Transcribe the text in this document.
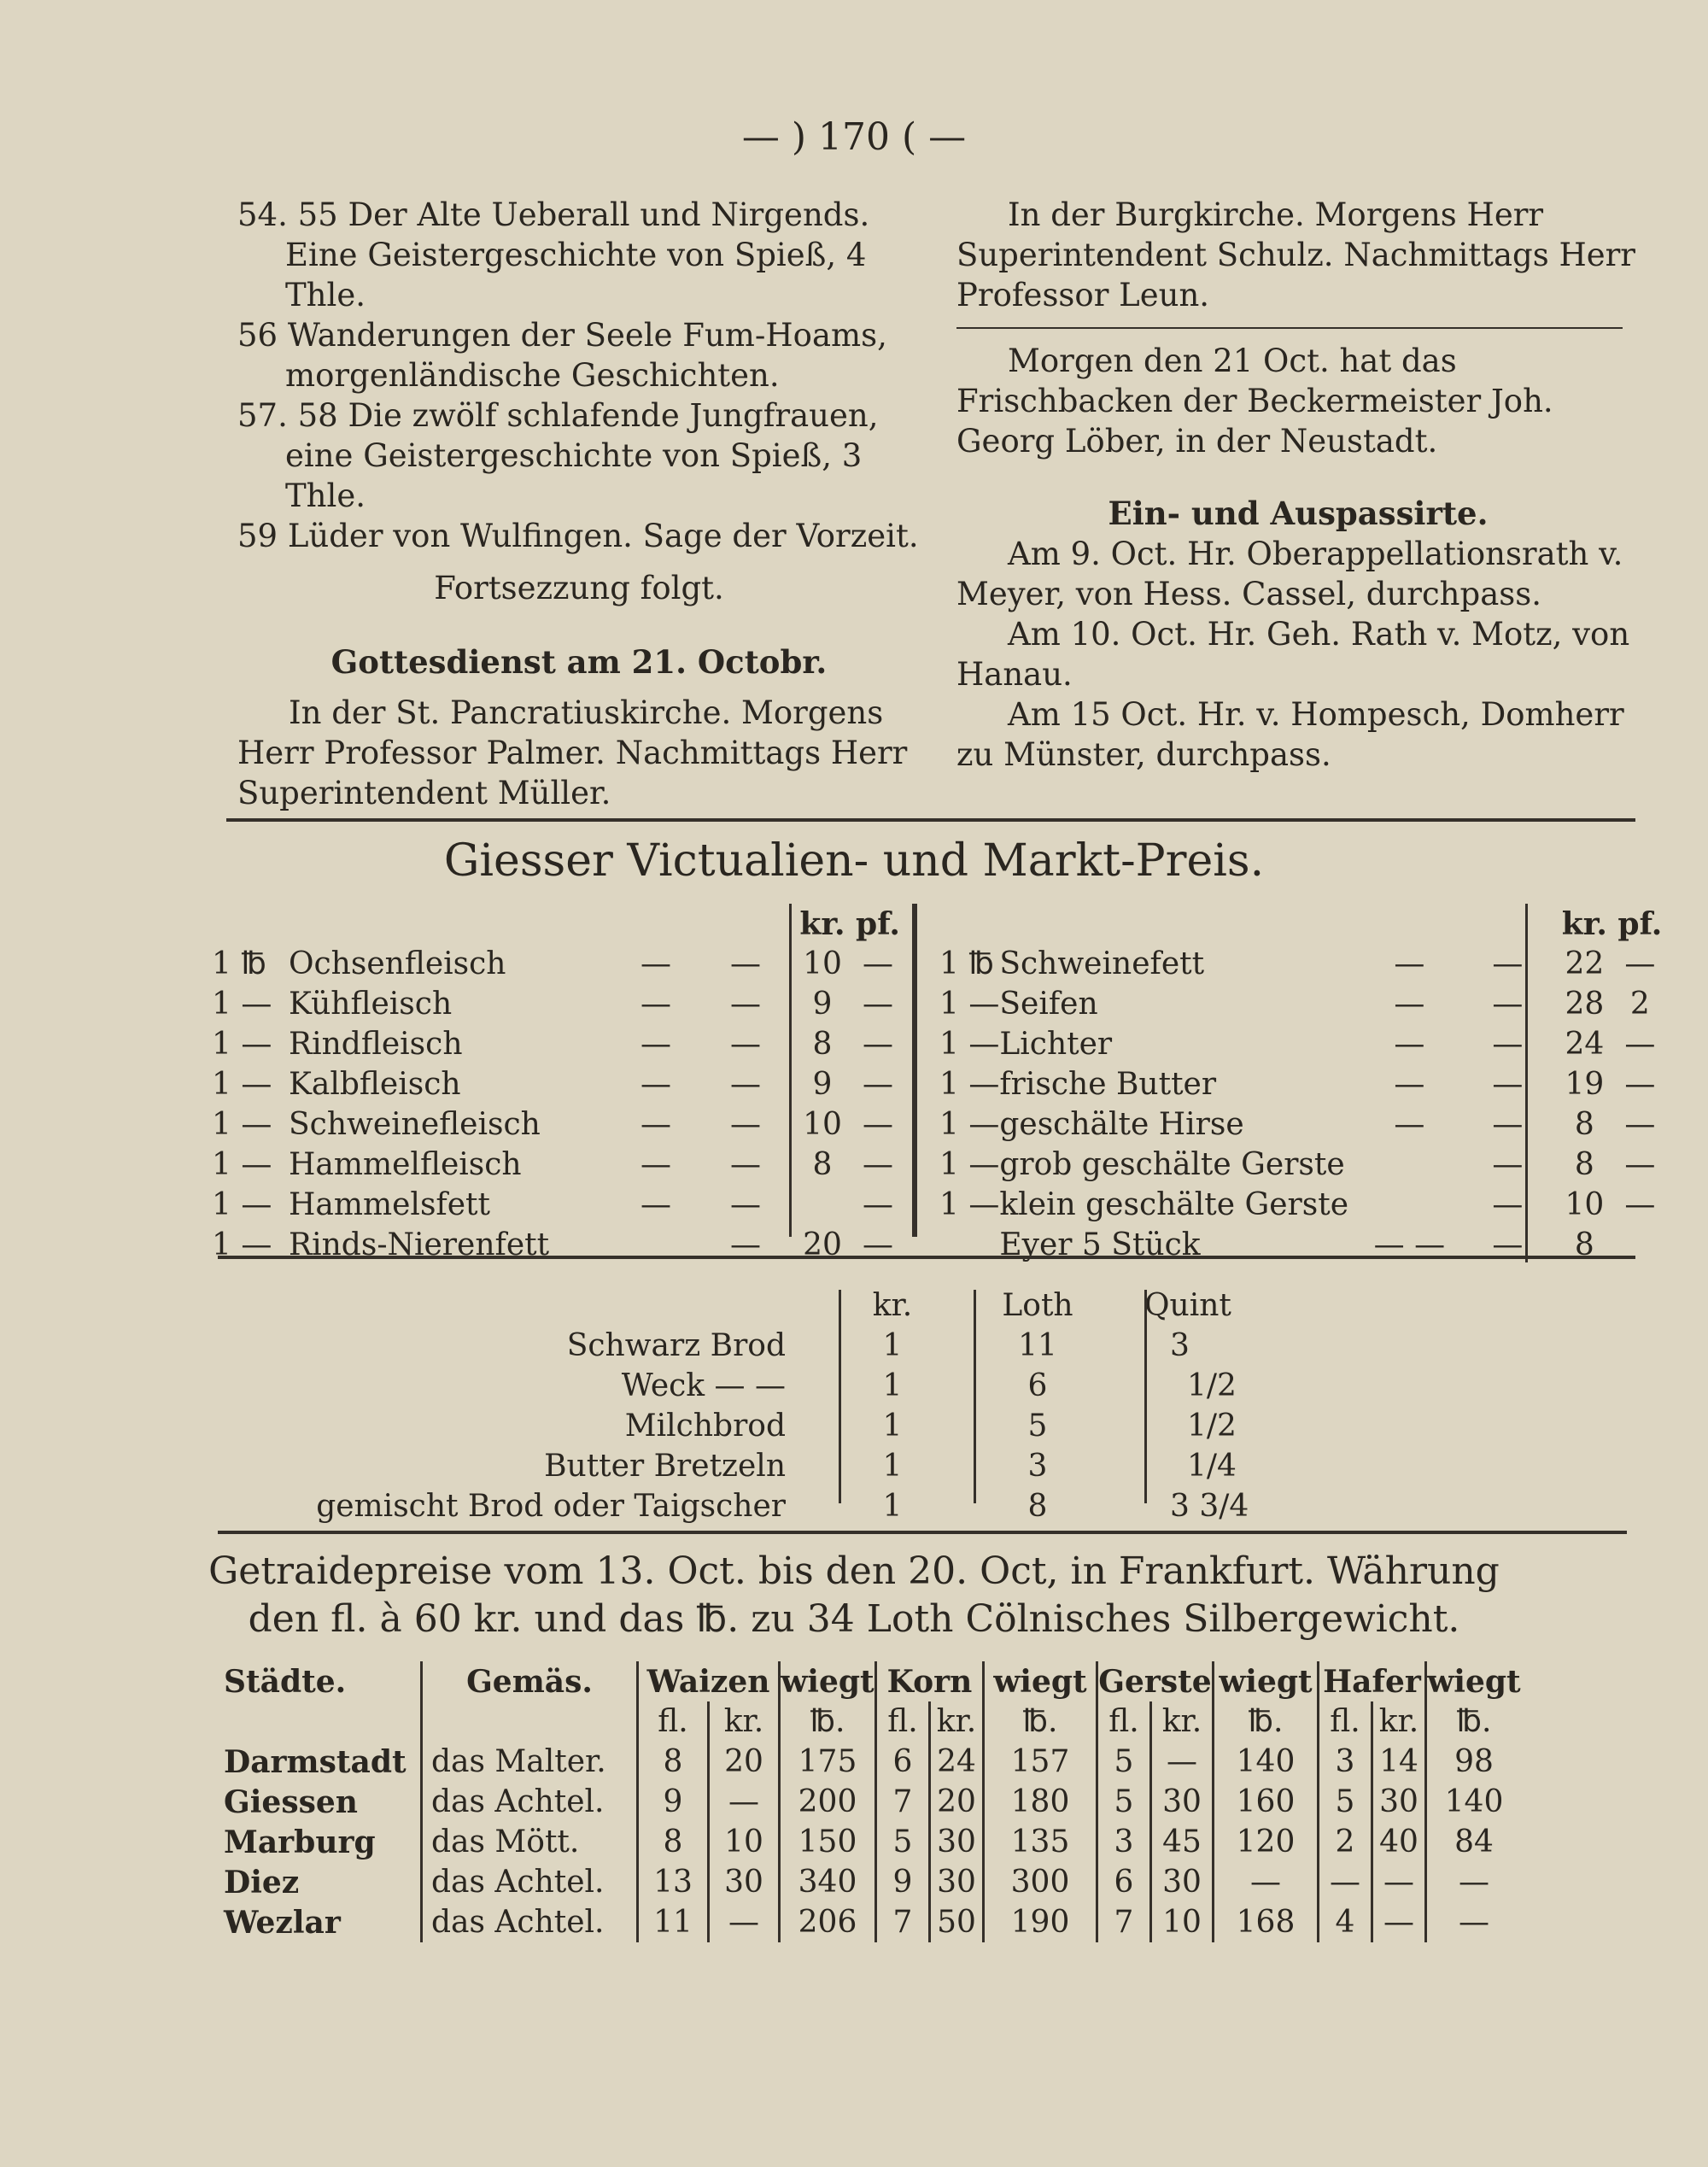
— ) 170 ( —

54. 55 Der Alte Ueberall und Nirgends. Eine Geistergeschichte von Spieß, 4 Thle.

56 Wanderungen der Seele Fum-Hoams, morgenländische Geschichten.

57. 58 Die zwölf schlafende Jungfrauen, eine Geistergeschichte von Spieß, 3 Thle.

59 Lüder von Wulfingen. Sage der Vorzeit.

Fortsezzung folgt.

Gottesdienst am 21. Octobr.

In der St. Pancratiuskirche. Morgens Herr Professor Palmer. Nachmittags Herr Superintendent Müller.

In der Burgkirche. Morgens Herr Superintendent Schulz. Nachmittags Herr Professor Leun.

Morgen den 21 Oct. hat das Frischbacken der Beckermeister Joh. Georg Löber, in der Neustadt.

Ein- und Auspassirte.

Am 9. Oct. Hr. Oberappellationsrath v. Meyer, von Hess. Cassel, durchpass.

Am 10. Oct. Hr. Geh. Rath v. Motz, von Hanau.

Am 15 Oct. Hr. v. Hompesch, Domherr zu Münster, durchpass.

Giesser Victualien- und Markt-Preis.
				kr.	pf.
1 ℔	Ochsenfleisch	—	—	10	—
1 —	Kühfleisch	—	—	9	—
1 —	Rindfleisch	—	—	8	—
1 —	Kalbfleisch	—	—	9	—
1 —	Schweinefleisch	—	—	10	—
1 —	Hammelfleisch	—	—	8	—
1 —	Hammelsfett	—	—		—
1 —	Rinds-Nierenfett		—	20	—
				kr.	pf.
1 ℔	Schweinefett	—	—	22	—
1 —	Seifen	—	—	28	2
1 —	Lichter	—	—	24	—
1 —	frische Butter	—	—	19	—
1 —	geschälte Hirse	—	—	8	—
1 —	grob geschälte Gerste		—	8	—
1 —	klein geschälte Gerste		—	10	—
	Eyer 5 Stück	— —	—	8	
	kr.	Loth	Quint
Schwarz Brod	1	11	3
Weck — —	1	6	1/2
Milchbrod	1	5	1/2
Butter Bretzeln	1	3	1/4
gemischt Brod oder Taigscher	1	8	3 3/4
Getraidepreise vom 13. Oct. bis den 20. Oct, in Frankfurt. Währung
den fl. à 60 kr. und das ℔. zu 34 Loth Cölnisches Silbergewicht.
Städte.	Gemäs.	Waizen		wiegt	Korn		wiegt	Gerste		wiegt	Hafer		wiegt
		fl.	kr.	℔.	fl.	kr.	℔.	fl.	kr.	℔.	fl.	kr.	℔.
Darmstadt	das Malter.	8	20	175	6	24	157	5	—	140	3	14	98
Giessen	das Achtel.	9	—	200	7	20	180	5	30	160	5	30	140
Marburg	das Mött.	8	10	150	5	30	135	3	45	120	2	40	84
Diez	das Achtel.	13	30	340	9	30	300	6	30	—	—	—	—
Wezlar	das Achtel.	11	—	206	7	50	190	7	10	168	4	—	—
